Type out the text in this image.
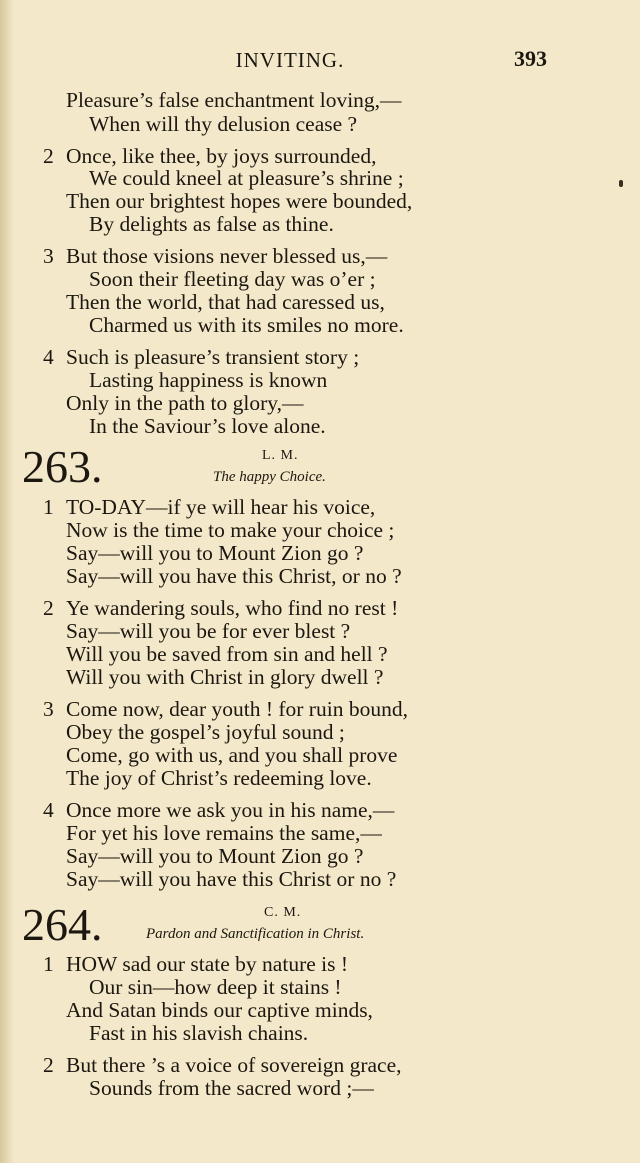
INVITING.	393
Pleasure’s false enchantment loving,—
When will thy delusion cease ?
2 Once, like thee, by joys surrounded,
We could kneel at pleasure’s shrine ;
Then our brightest hopes were bounded,
By delights as false as thine.
3 But those visions never blessed us,—
Soon their fleeting day was o’er ;
Then the world, that had caressed us,
Charmed us with its smiles no more.
4 Such is pleasure’s transient story ;
Lasting happiness is known
Only in the path to glory,—
In the Saviour’s love alone.
263.	L. M.
The happy Choice.
1 TO-DAY—if ye will hear his voice,
Now is the time to make your choice ;
Say—will you to Mount Zion go ?
Say—will you have this Christ, or no ?
2 Ye wandering souls, who find no rest !
Say—will you be for ever blest ?
Will you be saved from sin and hell ?
Will you with Christ in glory dwell ?
3 Come now, dear youth ! for ruin bound,
Obey the gospel’s joyful sound ;
Come, go with us, and you shall prove
The joy of Christ’s redeeming love.
4 Once more we ask you in his name,—
For yet his love remains the same,—
Say—will you to Mount Zion go ?
Say—will you have this Christ or no ?
264.	C. M.
Pardon and Sanctification in Christ.
1 HOW sad our state by nature is !
Our sin—how deep it stains !
And Satan binds our captive minds,
Fast in his slavish chains.
2 But there ’s a voice of sovereign grace,
Sounds from the sacred word ;—
